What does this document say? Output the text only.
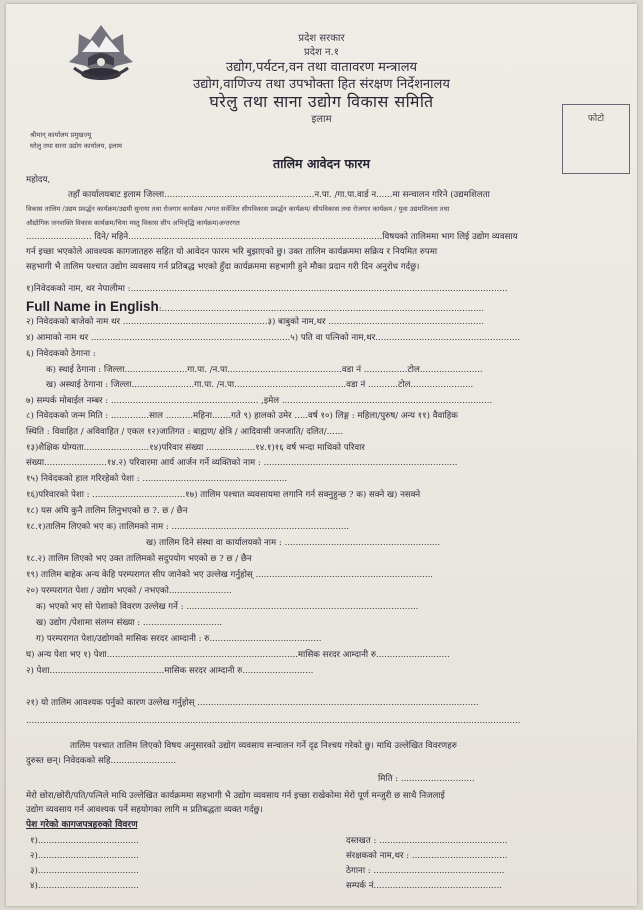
प्रदेश सरकार
प्रदेश न.१
उद्योग,पर्यटन,वन तथा वातावरण मन्त्रालय
उद्योग,वाणिज्य तथा उपभोक्ता हित संरक्षण निर्देशनालय
घरेलु तथा साना उद्योग विकास समिति
इलाम	फोटो
श्रीमान् कार्यालय प्रमुखज्यू
घरेलु तथा साना उद्योग कार्यालय, इलाम
तालिम आवेदन फारम
महोदय,
तहाँ कार्यालयबाट इलाम जिल्ला.......................................................न.पा. /गा.पा.वार्ड न......मा सन्चालन गरिने (उद्यमशिलता
विकास तालिम /उद्यम प्रवर्द्धन कार्यक्रम/उद्यमी सुनाया तथा रोजगार कार्यक्रम /भगत सर्वजित सीपविकास प्रवर्द्धन कार्यक्रम/ सीपविकास तथा रोजगार कार्यक्रम / युवा उद्यमशिलता तथा
औद्योगिक जनशक्ति विकास कार्यक्रम/चिया मस्तु विकास सीप अभिवृद्धि कार्यक्रम)अन्तरगत
........................ दिने/ महिने.............................................................................................विषयको तालिममा भाग लिई उद्योग व्यवसाय
गर्न इच्छा भएकोले आवश्यक कागजातहरु सहित यो आवेदन फारम भरि बुझाएको छु। उक्त तालिम कार्यक्रममा सक्रिय र नियमित रुपमा
सहभागी भै तालिम पश्चात उद्योग व्यवसाय गर्न प्रतिबद्ध भएको हुँदा कार्यक्रममा सहभागी हुने मौका प्रदान गरी दिन अनुरोध गर्दछु।
१)निवेदकको नाम, थर नेपालीमा :..........................................................................................................................................
Full Name in English:......................................................................................................................
२) निवेदकको बाजेको नाम थर .....................................................३) बाबुको नाम,थर .........................................................
४) आमाको नाम थर .........................................................................५) पति वा पत्निको नाम,थर.....................................................
६) निवेदकको ठेगाना :
क) स्थाई ठेगाना : जिल्ला.......................गा.पा. /न.पा..........................................वडा नं ................टोल.......................
ख) अस्थाई ठेगाना : जिल्ला.......................गा.पा. /न.पा.........................................वडा नं ...........टोल.......................
७) सम्पर्क मोबाईल नम्बर : ...................................................... ,इमेल .............................................................................
८) निवेदकको जन्म मिति : ..............साल ..........महिना.......गते ९) हालको उमेर .....वर्ष १०) लिङ्ग : महिला/पुरुष/ अन्य ११) वैवाहिक
स्थिति : विवाहित / अविवाहित / एकल १२)जातिगत : बाह्मण/ क्षेत्रि / आदिवासी जनजाति/ दलित/......
१३)शैक्षिक योग्यता........................१४)परिवार संख्या ..................१४.१)१६ वर्ष भन्दा माथिको परिवार
संख्या.......................१४.२) परिवारमा आर्य आर्जन गर्ने व्यक्तिको नाम : .......................................................................
१५) निवेदकको हाल गरिरहेको पेशा : .....................................................
१६)परिवारको पेशा : ..................................१७) तालिम पश्चात व्यवसायमा लगानि गर्न सक्नुहुन्छ ? क) सक्ने ख) नसक्ने
१८) यस अघि कुनै तालिम लिनुभएको छ ?. छ / छैन
१८.१)तालिम लिएको भए क) तालिमको नाम : .................................................................
ख) तालिम दिने संस्था वा कार्यालयको नाम : .........................................................
१८.२) तालिम लिएको भए उक्त तालिमको सदुपयोग भएको छ ? छ / छैन
१९) तालिम बाहेक अन्य केहि परम्परागत सीप जानेको भए उल्लेख गर्नुहोस् .................................................................
२०) परम्परागत पेशा / उद्योग भएको / नभएको.......................
क) भएको भए सो पेशाको विवरण उल्लेख गर्ने : .....................................................................................
ख) उद्योग /पेशामा संलग्न संख्या : .............................
ग) परम्परागत पेशा/उद्योगको मासिक सरदर आम्दानी : रु.........................................
घ) अन्य पेशा भए १) पेशा......................................................................मासिक सरदर आम्दानी रु...........................
२) पेशा..........................................मासिक सरदर आम्दानी रु..........................
२१) यो तालिम आवश्यक पर्नुको कारण उल्लेख गर्नुहोस् .......................................................................................................
.....................................................................................................................................................................................
तालिम पश्चात तालिम लिएको विषय अनुसारको उद्योग व्यवसाय सन्चालन गर्ने दृढ निश्चय गरेको छु। माथि उल्लेखित विवरणहरु
दुरुस्त छन्। निवेदकको सहि........................
मिति : ...........................
मेरो छोरा/छोरी/पति/पत्निले माथि उल्लेखित कार्यक्रममा सहभागी भै उद्योग व्यवसाय गर्न इच्छा राखेकोमा मेरो पूर्ण मन्जुरी छ साथै निजलाई
उद्योग व्यवसाय गर्न आवश्यक पर्ने सहयोगका लागि म प्रतिबद्धता व्यक्त गर्दछु।
पेश गरेको कागजपत्रहरुको विवरण
१).....................................
२).....................................
३).....................................
४).....................................
दस्तखत : ...............................................
संरक्षकको नाम,थर : ...................................
ठेगाना : ................................................
सम्पर्क नं...............................................
